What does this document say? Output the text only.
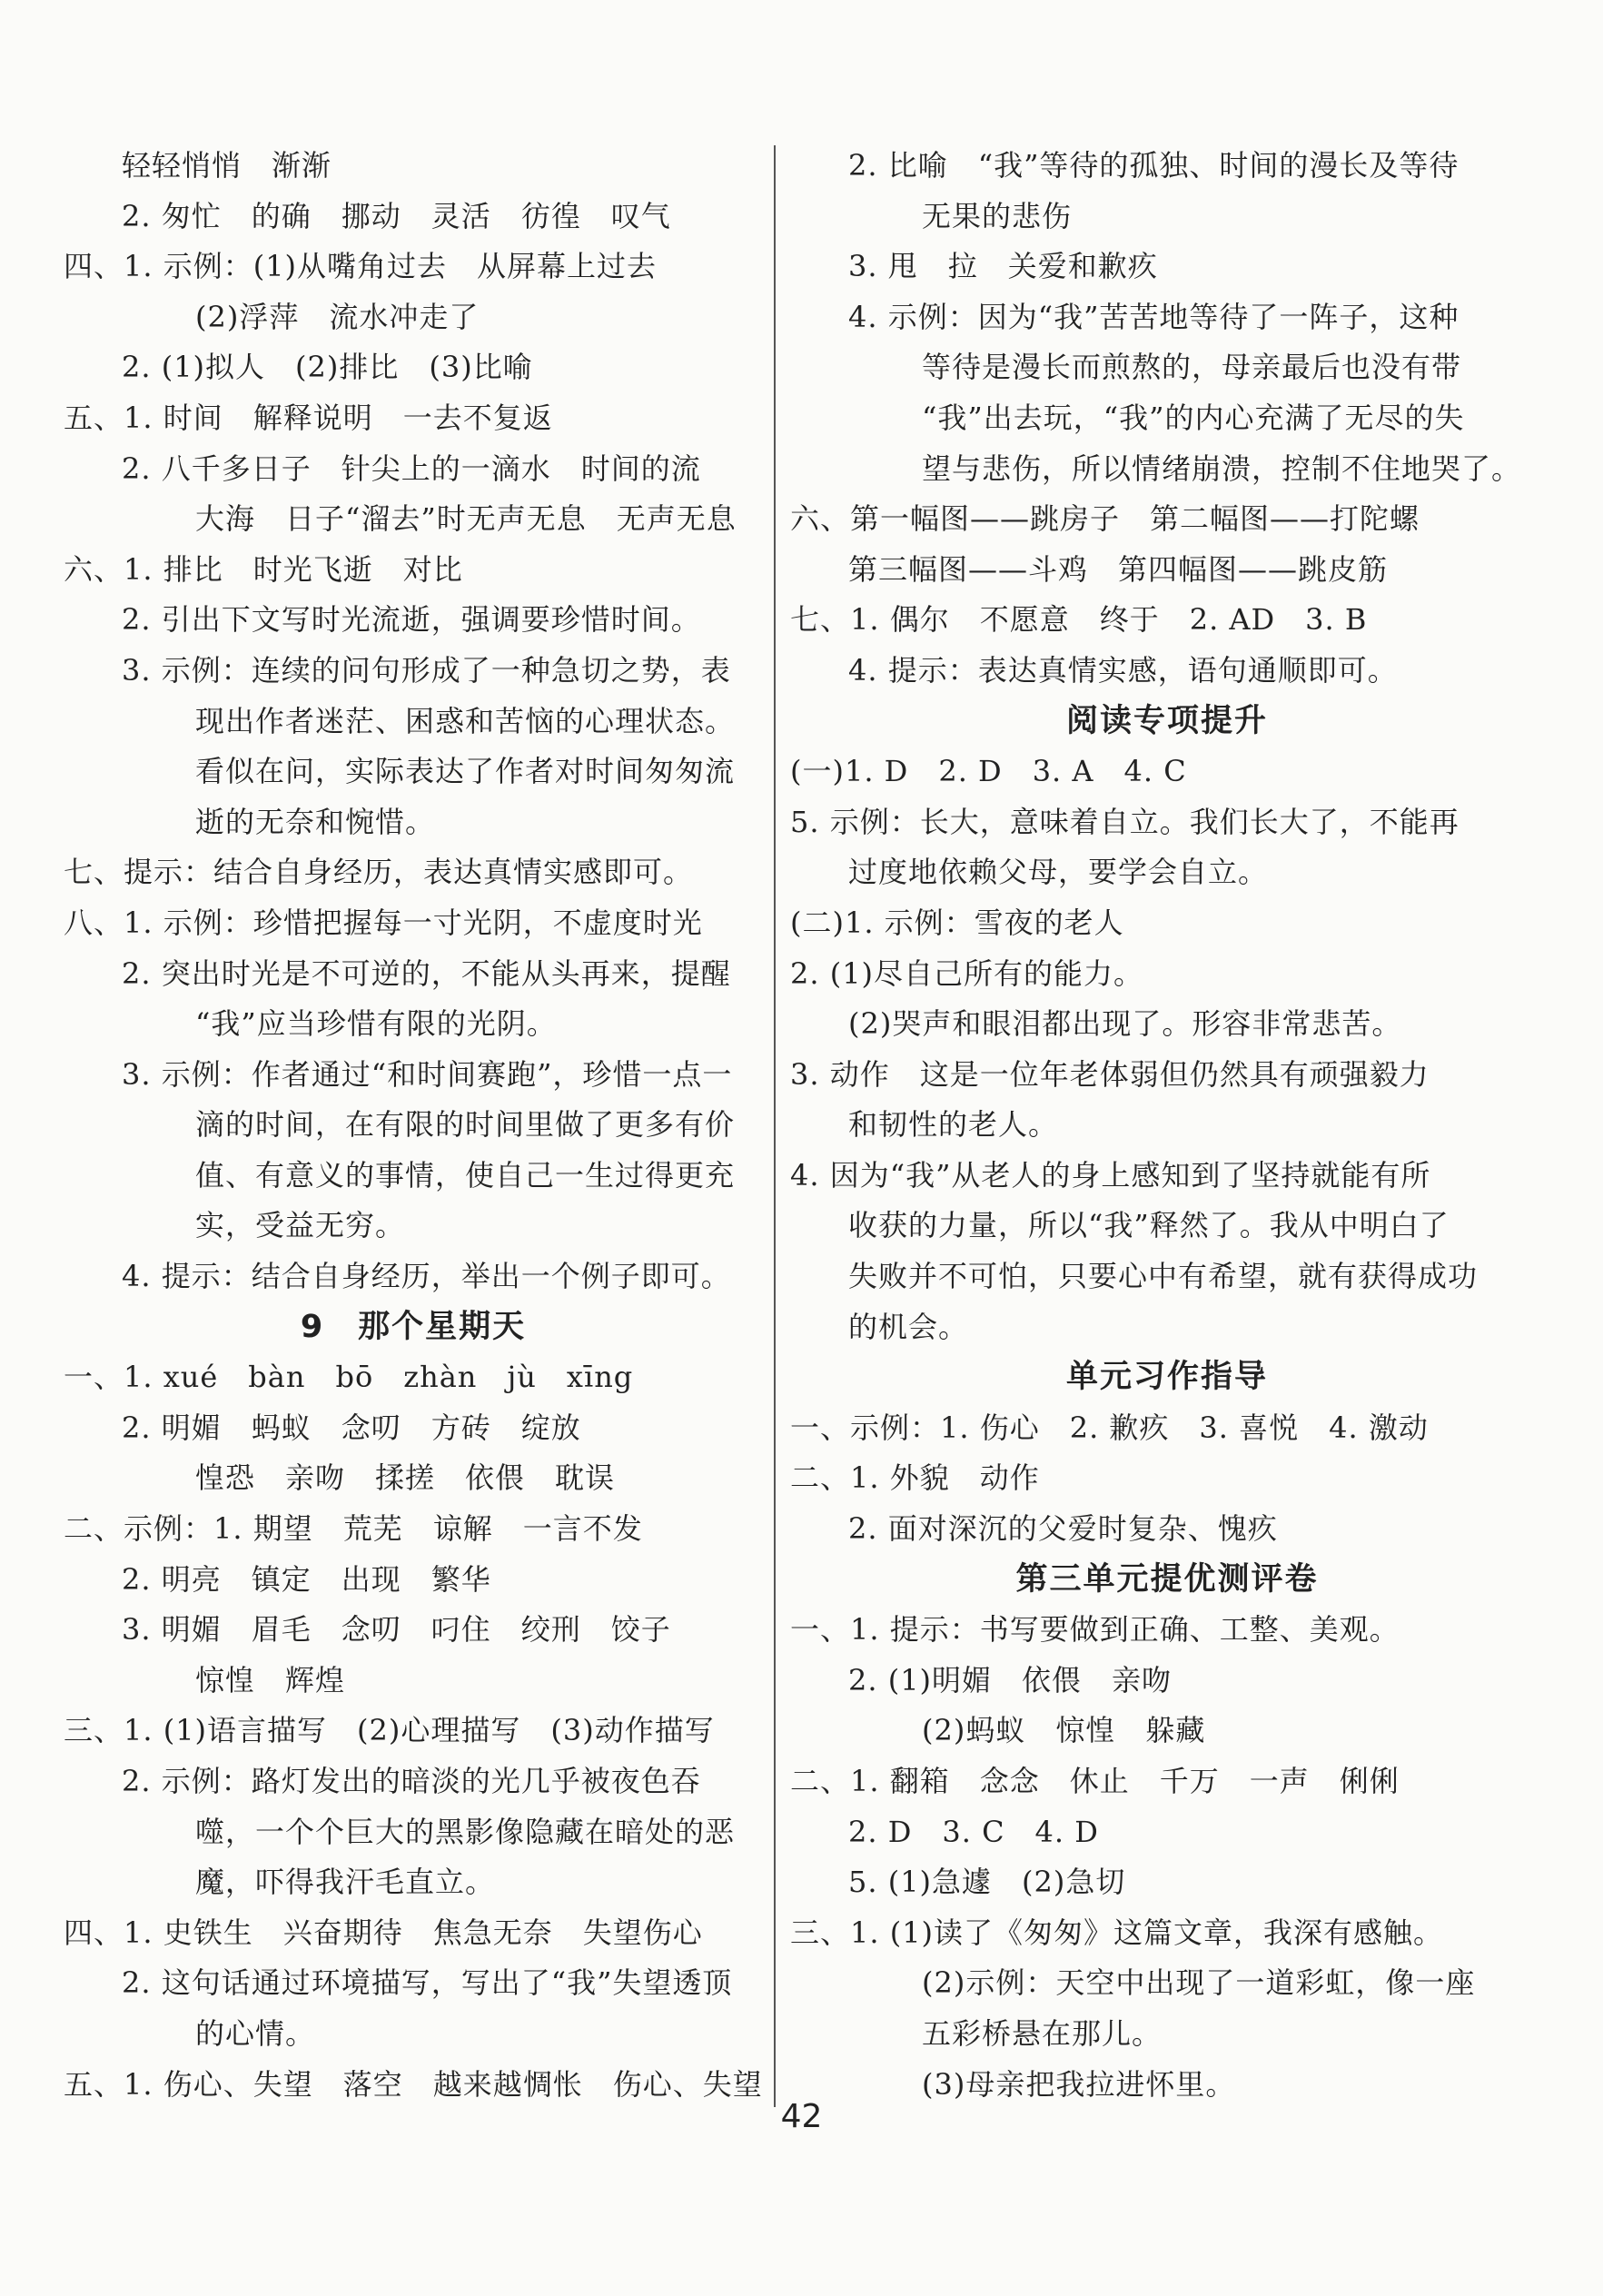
轻轻悄悄　渐渐
2. 匆忙　的确　挪动　灵活　彷徨　叹气
四、1. 示例：(1)从嘴角过去　从屏幕上过去
(2)浮萍　流水冲走了
2. (1)拟人　(2)排比　(3)比喻
五、1. 时间　解释说明　一去不复返
2. 八千多日子　针尖上的一滴水　时间的流
大海　日子“溜去”时无声无息　无声无息
六、1. 排比　时光飞逝　对比
2. 引出下文写时光流逝，强调要珍惜时间。
3. 示例：连续的问句形成了一种急切之势，表
现出作者迷茫、困惑和苦恼的心理状态。
看似在问，实际表达了作者对时间匆匆流
逝的无奈和惋惜。
七、提示：结合自身经历，表达真情实感即可。
八、1. 示例：珍惜把握每一寸光阴，不虚度时光
2. 突出时光是不可逆的，不能从头再来，提醒
“我”应当珍惜有限的光阴。
3. 示例：作者通过“和时间赛跑”，珍惜一点一
滴的时间，在有限的时间里做了更多有价
值、有意义的事情，使自己一生过得更充
实，受益无穷。
4. 提示：结合自身经历，举出一个例子即可。
9　那个星期天
一、1. xué　bàn　bō　zhàn　jù　xīng
2. 明媚　蚂蚁　念叨　方砖　绽放
惶恐　亲吻　揉搓　依偎　耽误
二、示例：1. 期望　荒芜　谅解　一言不发
2. 明亮　镇定　出现　繁华
3. 明媚　眉毛　念叨　叼住　绞刑　饺子
惊惶　辉煌
三、1. (1)语言描写　(2)心理描写　(3)动作描写
2. 示例：路灯发出的暗淡的光几乎被夜色吞
噬，一个个巨大的黑影像隐藏在暗处的恶
魔，吓得我汗毛直立。
四、1. 史铁生　兴奋期待　焦急无奈　失望伤心
2. 这句话通过环境描写，写出了“我”失望透顶
的心情。
五、1. 伤心、失望　落空　越来越惆怅　伤心、失望
2. 比喻　“我”等待的孤独、时间的漫长及等待
无果的悲伤
3. 甩　拉　关爱和歉疚
4. 示例：因为“我”苦苦地等待了一阵子，这种
等待是漫长而煎熬的，母亲最后也没有带
“我”出去玩，“我”的内心充满了无尽的失
望与悲伤，所以情绪崩溃，控制不住地哭了。
六、第一幅图——跳房子　第二幅图——打陀螺
第三幅图——斗鸡　第四幅图——跳皮筋
七、1. 偶尔　不愿意　终于　2. AD　3. B
4. 提示：表达真情实感，语句通顺即可。
阅读专项提升
(一)1. D　2. D　3. A　4. C
5. 示例：长大，意味着自立。我们长大了，不能再
过度地依赖父母，要学会自立。
(二)1. 示例：雪夜的老人
2. (1)尽自己所有的能力。
(2)哭声和眼泪都出现了。形容非常悲苦。
3. 动作　这是一位年老体弱但仍然具有顽强毅力
和韧性的老人。
4. 因为“我”从老人的身上感知到了坚持就能有所
收获的力量，所以“我”释然了。我从中明白了
失败并不可怕，只要心中有希望，就有获得成功
的机会。
单元习作指导
一、示例：1. 伤心　2. 歉疚　3. 喜悦　4. 激动
二、1. 外貌　动作
2. 面对深沉的父爱时复杂、愧疚
第三单元提优测评卷
一、1. 提示：书写要做到正确、工整、美观。
2. (1)明媚　依偎　亲吻
(2)蚂蚁　惊惶　躲藏
二、1. 翻箱　念念　休止　千万　一声　俐俐
2. D　3. C　4. D
5. (1)急遽　(2)急切
三、1. (1)读了《匆匆》这篇文章，我深有感触。
(2)示例：天空中出现了一道彩虹，像一座
五彩桥悬在那儿。
(3)母亲把我拉进怀里。
42
